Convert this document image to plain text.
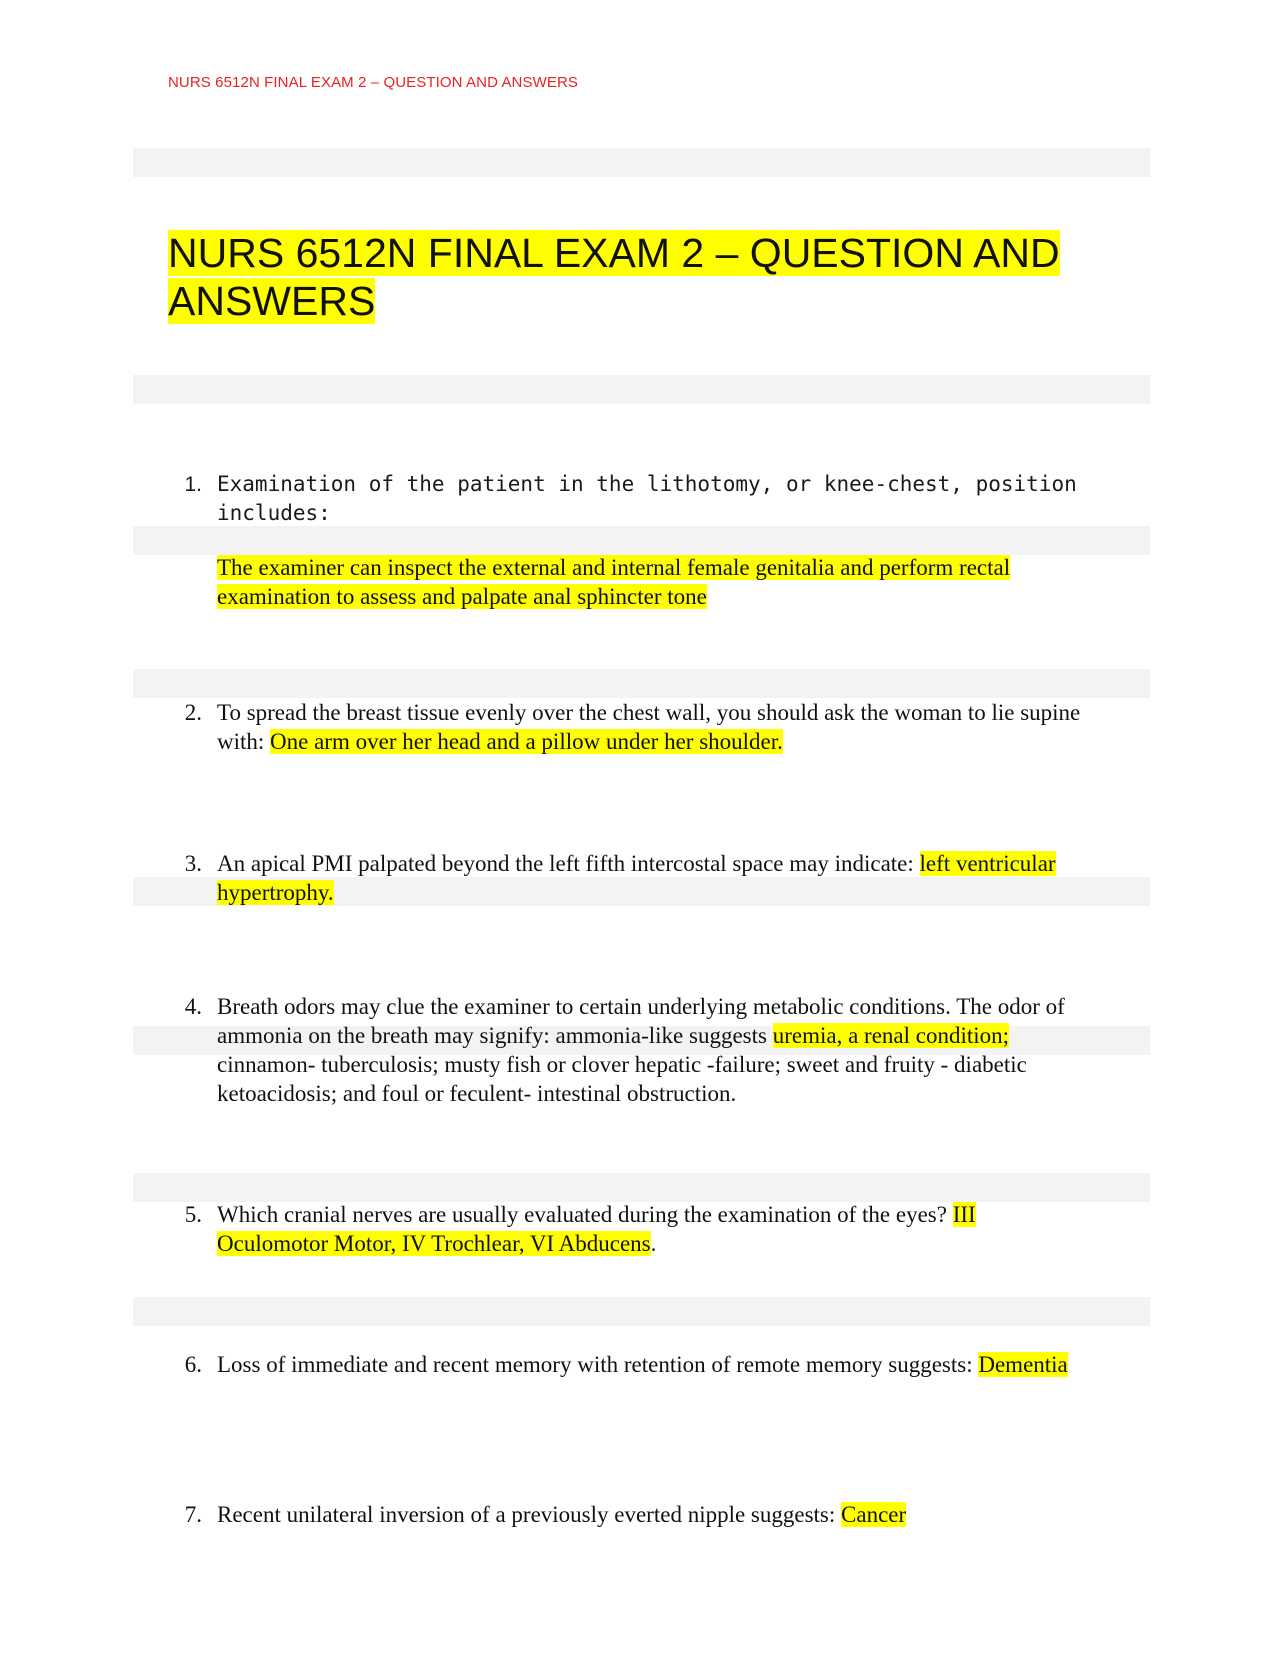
NURS 6512N FINAL EXAM 2 – QUESTION AND ANSWERS
NURS 6512N FINAL EXAM 2 – QUESTION AND ANSWERS
1. Examination of the patient in the lithotomy, or knee-chest, position includes:
The examiner can inspect the external and internal female genitalia and perform rectal examination to assess and palpate anal sphincter tone
2. To spread the breast tissue evenly over the chest wall, you should ask the woman to lie supine with: One arm over her head and a pillow under her shoulder.
3. An apical PMI palpated beyond the left fifth intercostal space may indicate: left ventricular hypertrophy.
4. Breath odors may clue the examiner to certain underlying metabolic conditions. The odor of ammonia on the breath may signify: ammonia-like suggests uremia, a renal condition; cinnamon- tuberculosis; musty fish or clover hepatic -failure; sweet and fruity - diabetic ketoacidosis; and foul or feculent- intestinal obstruction.
5. Which cranial nerves are usually evaluated during the examination of the eyes? III Oculomotor Motor, IV Trochlear, VI Abducens.
6. Loss of immediate and recent memory with retention of remote memory suggests: Dementia
7. Recent unilateral inversion of a previously everted nipple suggests: Cancer
